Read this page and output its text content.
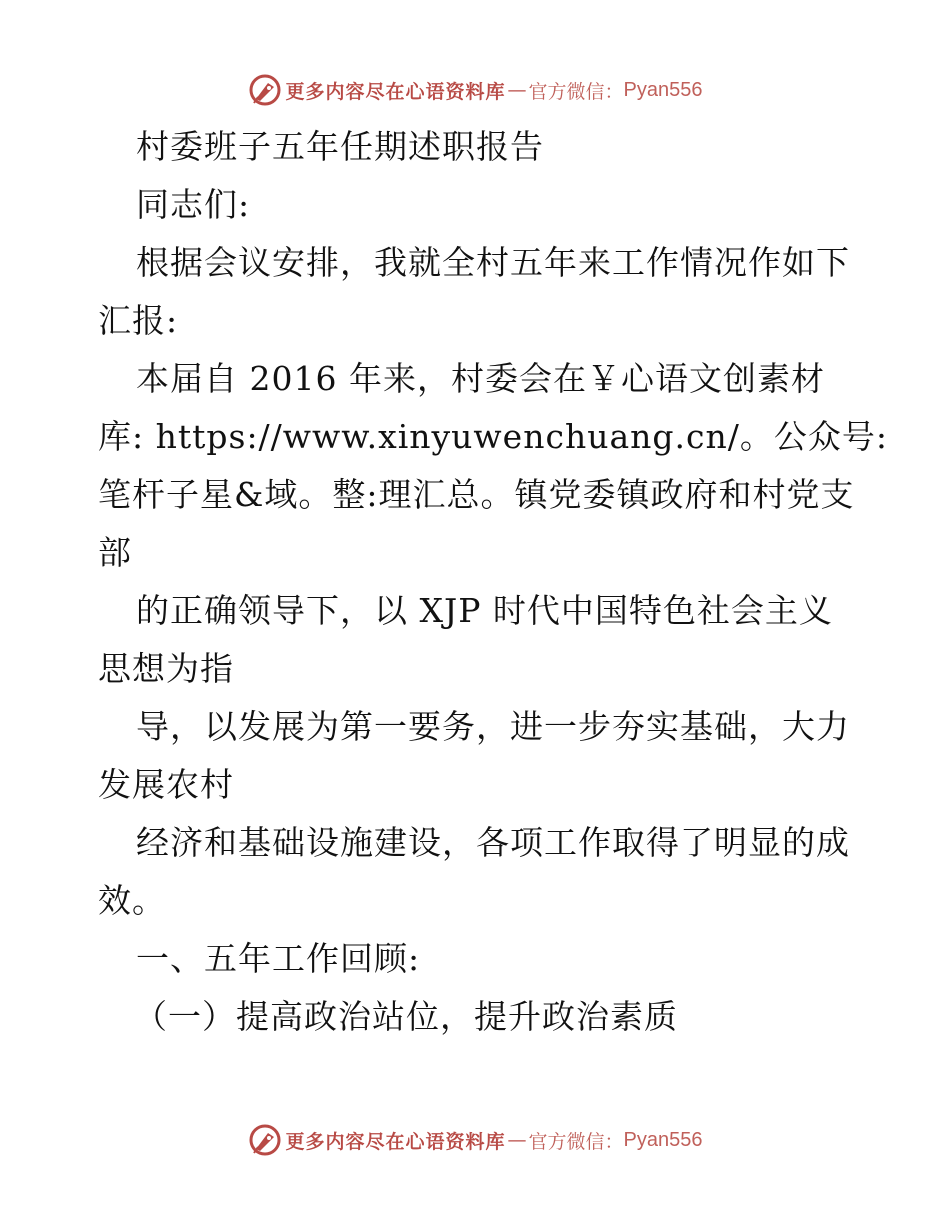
更多内容尽在心语资料库 — 官方微信： Pyan556
村委班子五年任期述职报告
同志们:
根据会议安排，我就全村五年来工作情况作如下
汇报:
本届自 2016 年来，村委会在￥心语文创素材
库: https://www.xinyuwenchuang.cn/。公众号:
笔杆子星&域。整:理汇总。镇党委镇政府和村党支
部
的正确领导下，以 XJP 时代中国特色社会主义
思想为指
导，以发展为第一要务，进一步夯实基础，大力
发展农村
经济和基础设施建设，各项工作取得了明显的成
效。
一、五年工作回顾:
（一）提高政治站位，提升政治素质
更多内容尽在心语资料库 — 官方微信： Pyan556
